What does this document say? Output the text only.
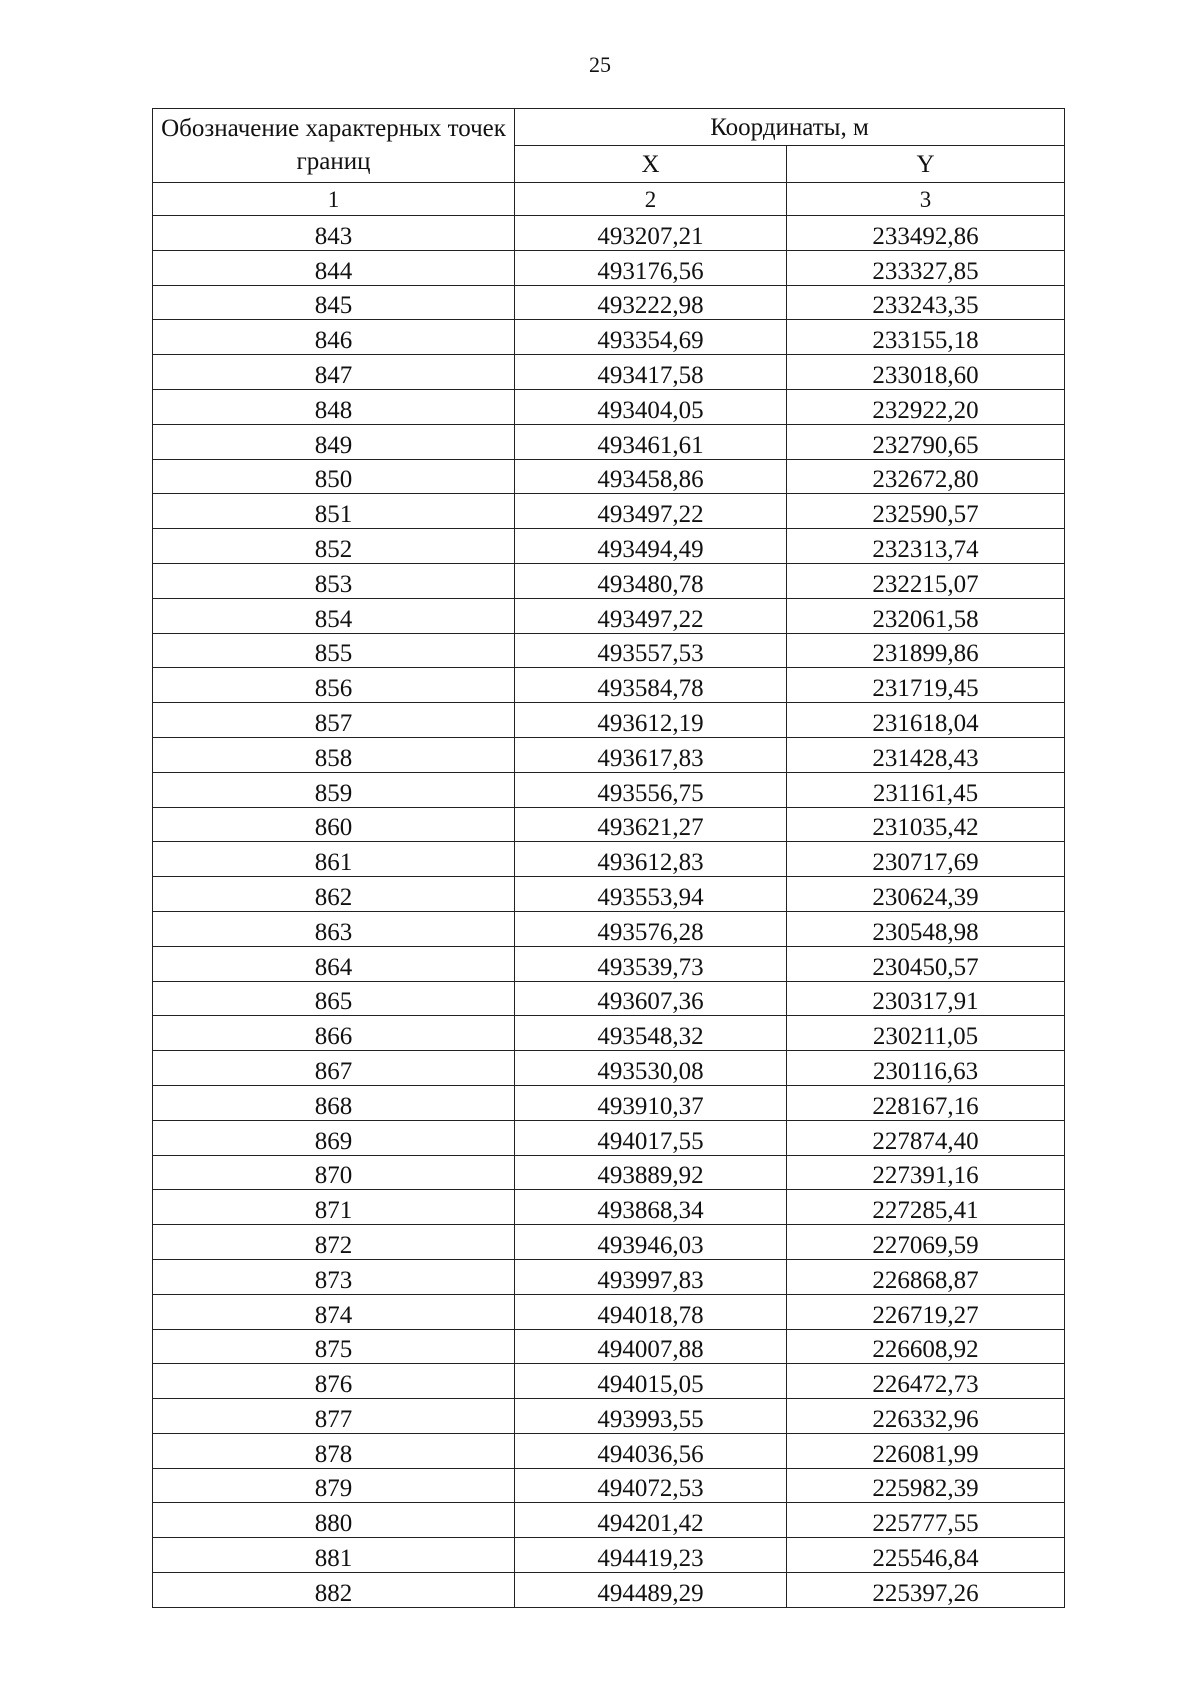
25
Обозначение характерных точек границ	Координаты, м	
	X	Y
1	2	3
843	493207,21	233492,86
844	493176,56	233327,85
845	493222,98	233243,35
846	493354,69	233155,18
847	493417,58	233018,60
848	493404,05	232922,20
849	493461,61	232790,65
850	493458,86	232672,80
851	493497,22	232590,57
852	493494,49	232313,74
853	493480,78	232215,07
854	493497,22	232061,58
855	493557,53	231899,86
856	493584,78	231719,45
857	493612,19	231618,04
858	493617,83	231428,43
859	493556,75	231161,45
860	493621,27	231035,42
861	493612,83	230717,69
862	493553,94	230624,39
863	493576,28	230548,98
864	493539,73	230450,57
865	493607,36	230317,91
866	493548,32	230211,05
867	493530,08	230116,63
868	493910,37	228167,16
869	494017,55	227874,40
870	493889,92	227391,16
871	493868,34	227285,41
872	493946,03	227069,59
873	493997,83	226868,87
874	494018,78	226719,27
875	494007,88	226608,92
876	494015,05	226472,73
877	493993,55	226332,96
878	494036,56	226081,99
879	494072,53	225982,39
880	494201,42	225777,55
881	494419,23	225546,84
882	494489,29	225397,26
